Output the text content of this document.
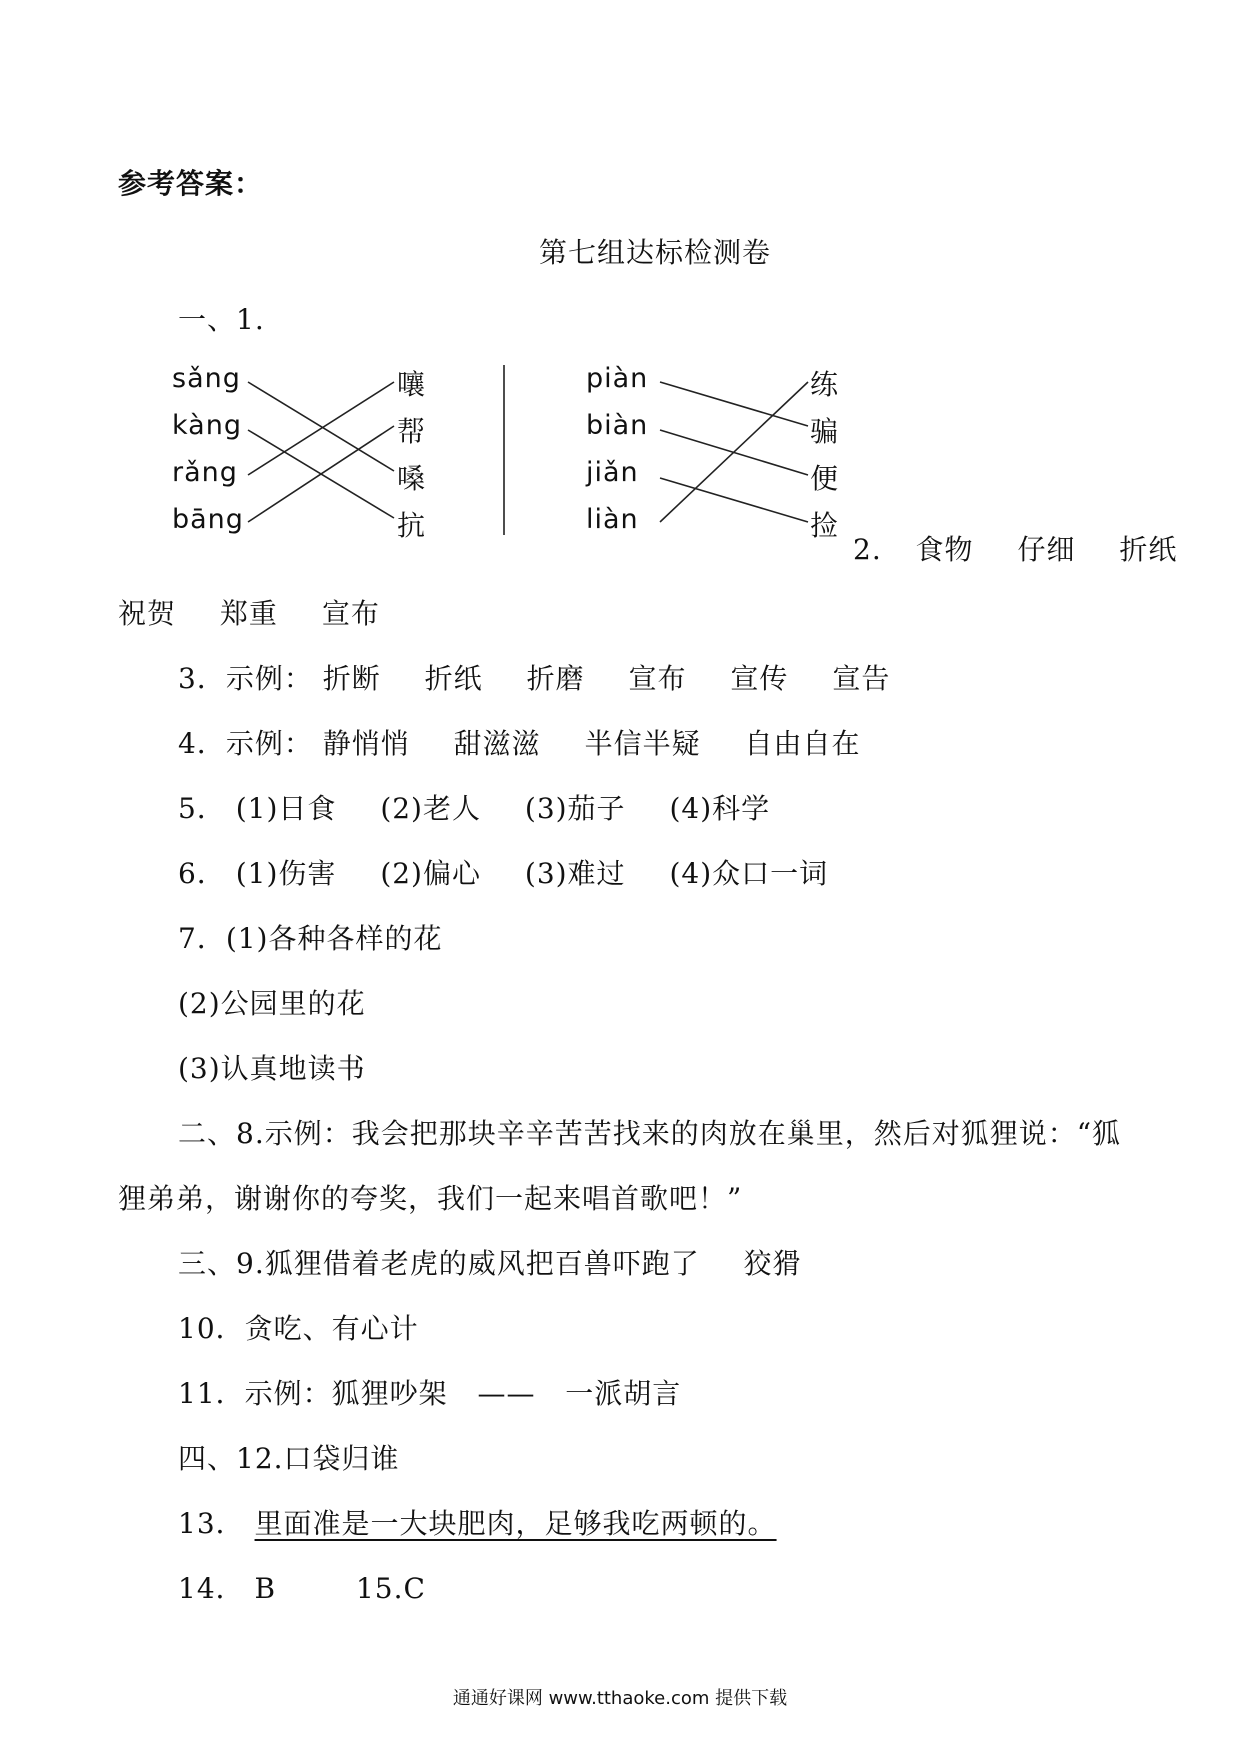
参考答案：
第七组达标检测卷
一、1.
sǎng
kàng
rǎng
bāng
嚷
帮
嗓
抗
piàn
biàn
jiǎn
liàn
练
骗
便
捡
2. 食物 仔细 折纸
祝贺 郑重 宣布
3．示例： 折断 折纸 折磨 宣布 宣传 宣告
4．示例： 静悄悄 甜滋滋 半信半疑 自由自在
5． (1)日食 (2)老人 (3)茄子 (4)科学
6． (1)伤害 (2)偏心 (3)难过 (4)众口一词
7．(1)各种各样的花
(2)公园里的花
(3)认真地读书
二、8.示例：我会把那块辛辛苦苦找来的肉放在巢里，然后对狐狸说：“狐
狸弟弟，谢谢你的夸奖，我们一起来唱首歌吧！”
三、9.狐狸借着老虎的威风把百兽吓跑了 狡猾
10．贪吃、有心计
11．示例：狐狸吵架 —— 一派胡言
四、12.口袋归谁
13． 里面准是一大块肥肉，足够我吃两顿的。
14． B	15.C
通通好课网 www.tthaoke.com 提供下载
